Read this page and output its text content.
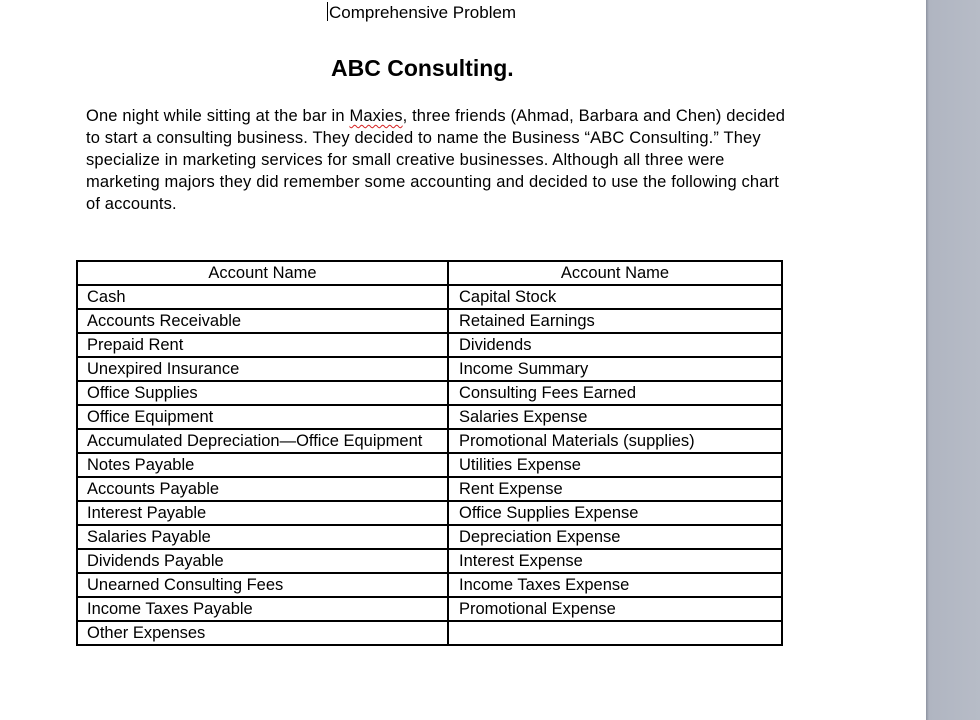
Comprehensive Problem
ABC Consulting.

One night while sitting at the bar in Maxies, three friends (Ahmad, Barbara and Chen) decided to start a consulting business. They decided to name the Business “ABC Consulting.” They specialize in marketing services for small creative businesses. Although all three were marketing majors they did remember some accounting and decided to use the following chart of accounts.

Account Name	Account Name
Cash	Capital Stock
Accounts Receivable	Retained Earnings
Prepaid Rent	Dividends
Unexpired Insurance	Income Summary
Office Supplies	Consulting Fees Earned
Office Equipment	Salaries Expense
Accumulated Depreciation—Office Equipment	Promotional Materials (supplies)
Notes Payable	Utilities Expense
Accounts Payable	Rent Expense
Interest Payable	Office Supplies Expense
Salaries Payable	Depreciation Expense
Dividends Payable	Interest Expense
Unearned Consulting Fees	Income Taxes Expense
Income Taxes Payable	Promotional Expense
Other Expenses	
